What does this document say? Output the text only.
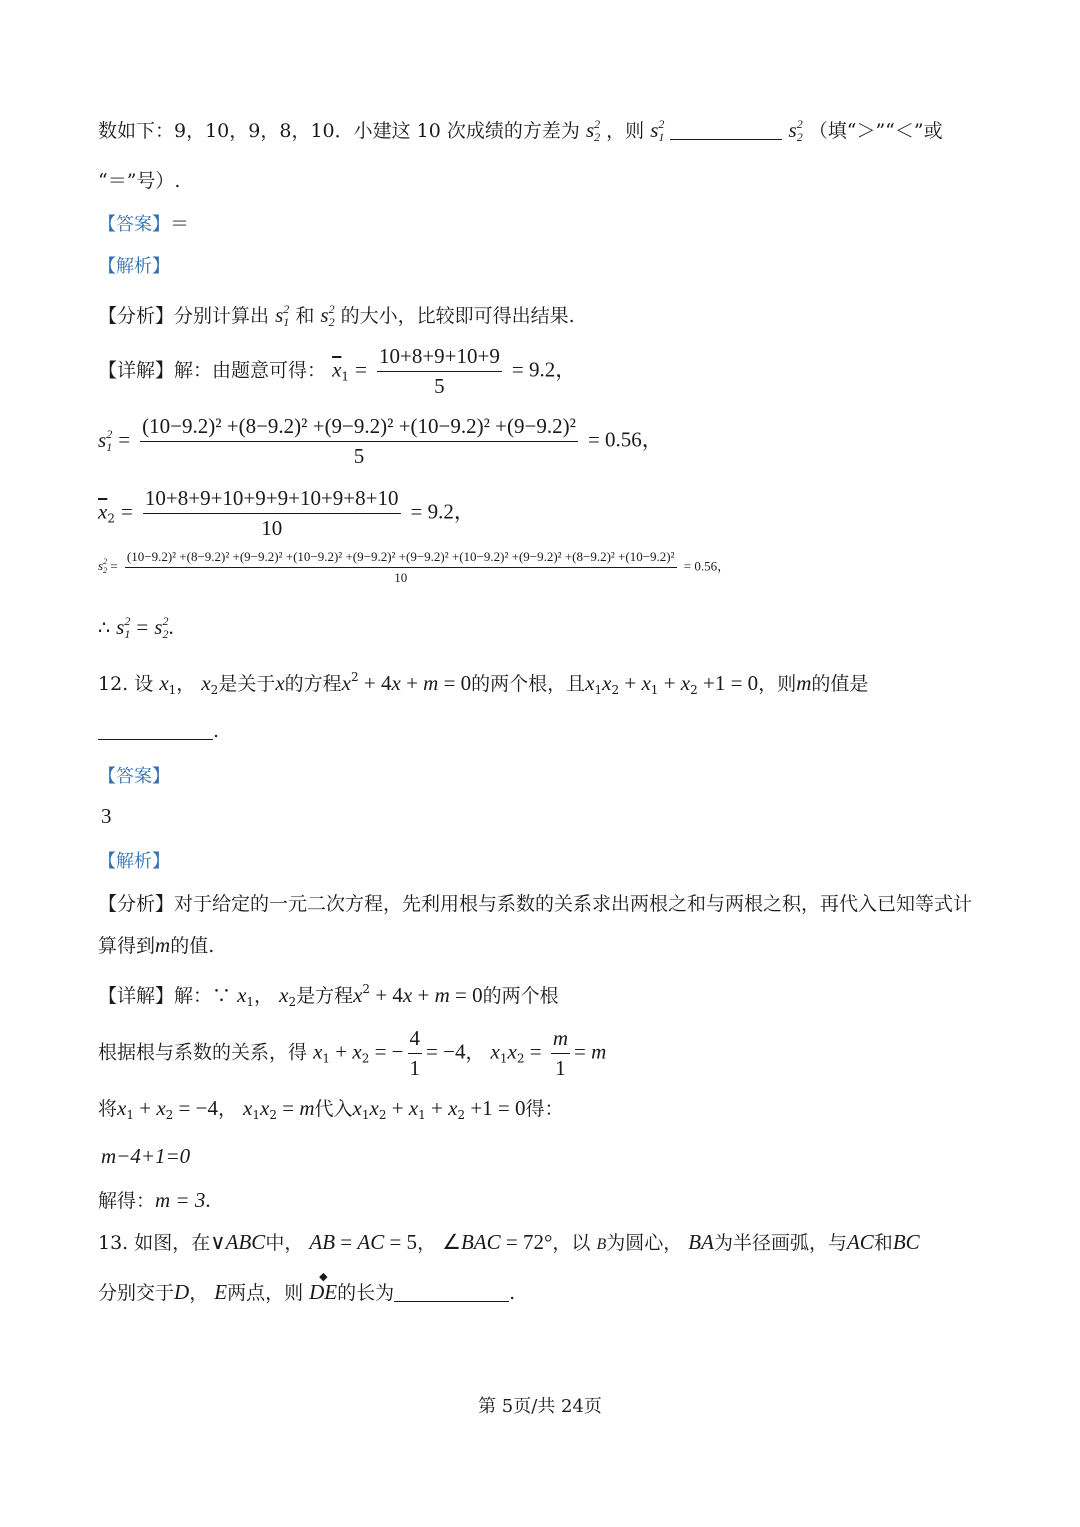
数如下：9，10，9，8，10．小建这 10 次成绩的方差为 $s_2^2$ ，则 $s_1^2$	$s_2^2$ （填“＞”“＜”或
“＝”号）.
【答案】＝
【解析】
【分析】分别计算出 $s_1^2$ 和 $s_2^2$ 的大小，比较即可得出结果.
【详解】解：由题意可得： $\overline{x}_1 = \frac{10+8+9+10+9}{5} = 9.2$，
$s_1^2 = \frac{\text{(10−9.2)² +(8−9.2)² +(9−9.2)² +(10−9.2)² +(9−9.2)²}}{5} = 0.56$，
$\overline{x}_2 = \frac{10+8+9+10+9+9+10+9+8+10}{10} = 9.2$，
$s_2^2$ =
(10−9.2)² +(8−9.2)² +(9−9.2)² +(10−9.2)² +(9−9.2)² +(9−9.2)² +(10−9.2)² +(9−9.2)² +(8−9.2)² +(10−9.2)²
10
= 0.56，
∴ $s_1^2 = s_2^2$.
12. 设 $x_1$， $x_2$是关于x的方程$x^2 + 4x + m = 0$的两个根，且$x_1x_2 + x_1 + x_2 +1 = 0$，则m的值是
.
【答案】
3
【解析】
【分析】对于给定的一元二次方程，先利用根与系数的关系求出两根之和与两根之积，再代入已知等式计
算得到m的值.
【详解】解：∵ $x_1$， $x_2$是方程$x^2 + 4x + m = 0$的两个根
根据根与系数的关系，得 $x_1 + x_2$ = − $\frac{4}{1} = -4$， $x_1x_2 = \frac{m}{1} = m$
将$x_1 + x_2 = -4$， $x_1x_2 = m$代入$x_1x_2 + x_1 + x_2 +1 = 0$得：
m−4+1=0
解得：m = 3.
13. 如图，在∨ABC中， AB = AC = 5， ∠BAC = 72°，以 B为圆心， BA为半径画弧，与AC和BC
分别交于D， E两点，则
◆
DE的长为	.
第 5页/共 24页
